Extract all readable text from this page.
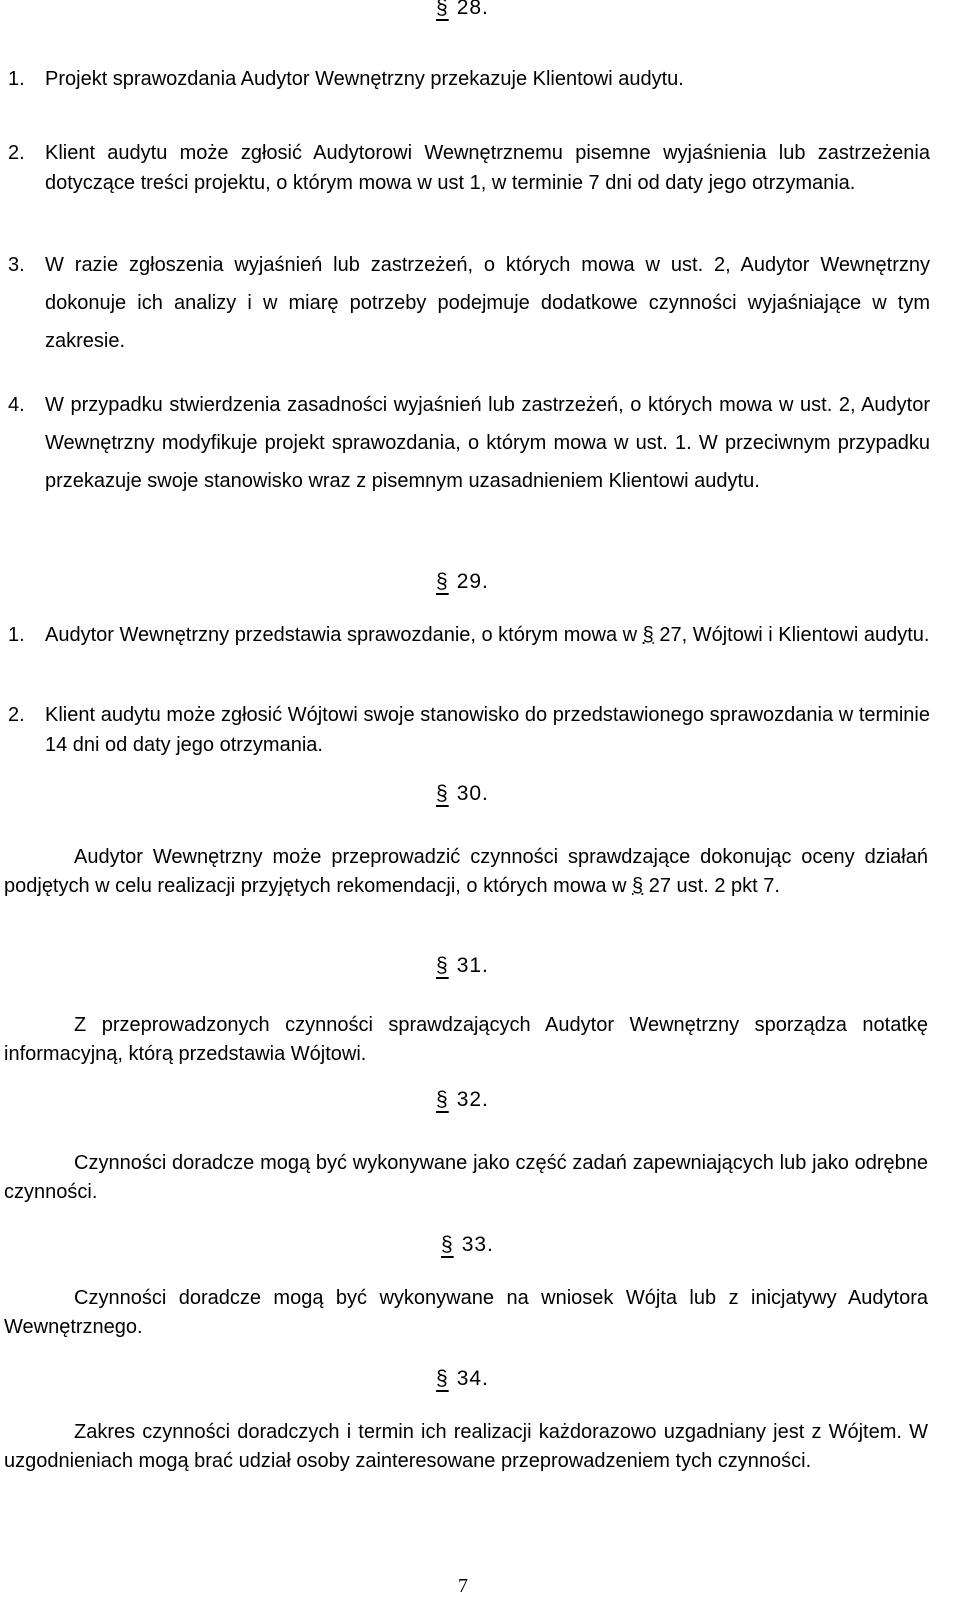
§ 28.
1. Projekt sprawozdania Audytor Wewnętrzny przekazuje Klientowi audytu.
2. Klient audytu może zgłosić Audytorowi Wewnętrznemu pisemne wyjaśnienia lub zastrzeżenia dotyczące treści projektu, o którym mowa w ust 1, w terminie 7 dni od daty jego otrzymania.
3. W razie zgłoszenia wyjaśnień lub zastrzeżeń, o których mowa w ust. 2, Audytor Wewnętrzny dokonuje ich analizy i w miarę potrzeby podejmuje dodatkowe czynności wyjaśniające w tym zakresie.
4. W przypadku stwierdzenia zasadności wyjaśnień lub zastrzeżeń, o których mowa w ust. 2, Audytor Wewnętrzny modyfikuje projekt sprawozdania, o którym mowa w ust. 1. W przeciwnym przypadku przekazuje swoje stanowisko wraz z pisemnym uzasadnieniem Klientowi audytu.
§ 29.
1. Audytor Wewnętrzny przedstawia sprawozdanie, o którym mowa w § 27, Wójtowi i Klientowi audytu.
2. Klient audytu może zgłosić Wójtowi swoje stanowisko do przedstawionego sprawozdania w terminie 14 dni od daty jego otrzymania.
§ 30.
Audytor Wewnętrzny może przeprowadzić czynności sprawdzające dokonując oceny działań podjętych w celu realizacji przyjętych rekomendacji, o których mowa w § 27 ust. 2 pkt 7.
§ 31.
Z przeprowadzonych czynności sprawdzających Audytor Wewnętrzny sporządza notatkę informacyjną, którą przedstawia Wójtowi.
§ 32.
Czynności doradcze mogą być wykonywane jako część zadań zapewniających lub jako odrębne czynności.
§ 33.
Czynności doradcze mogą być wykonywane na wniosek Wójta lub z inicjatywy Audytora Wewnętrznego.
§ 34.
Zakres czynności doradczych i termin ich realizacji każdorazowo uzgadniany jest z Wójtem. W uzgodnieniach mogą brać udział osoby zainteresowane przeprowadzeniem tych czynności.
7
